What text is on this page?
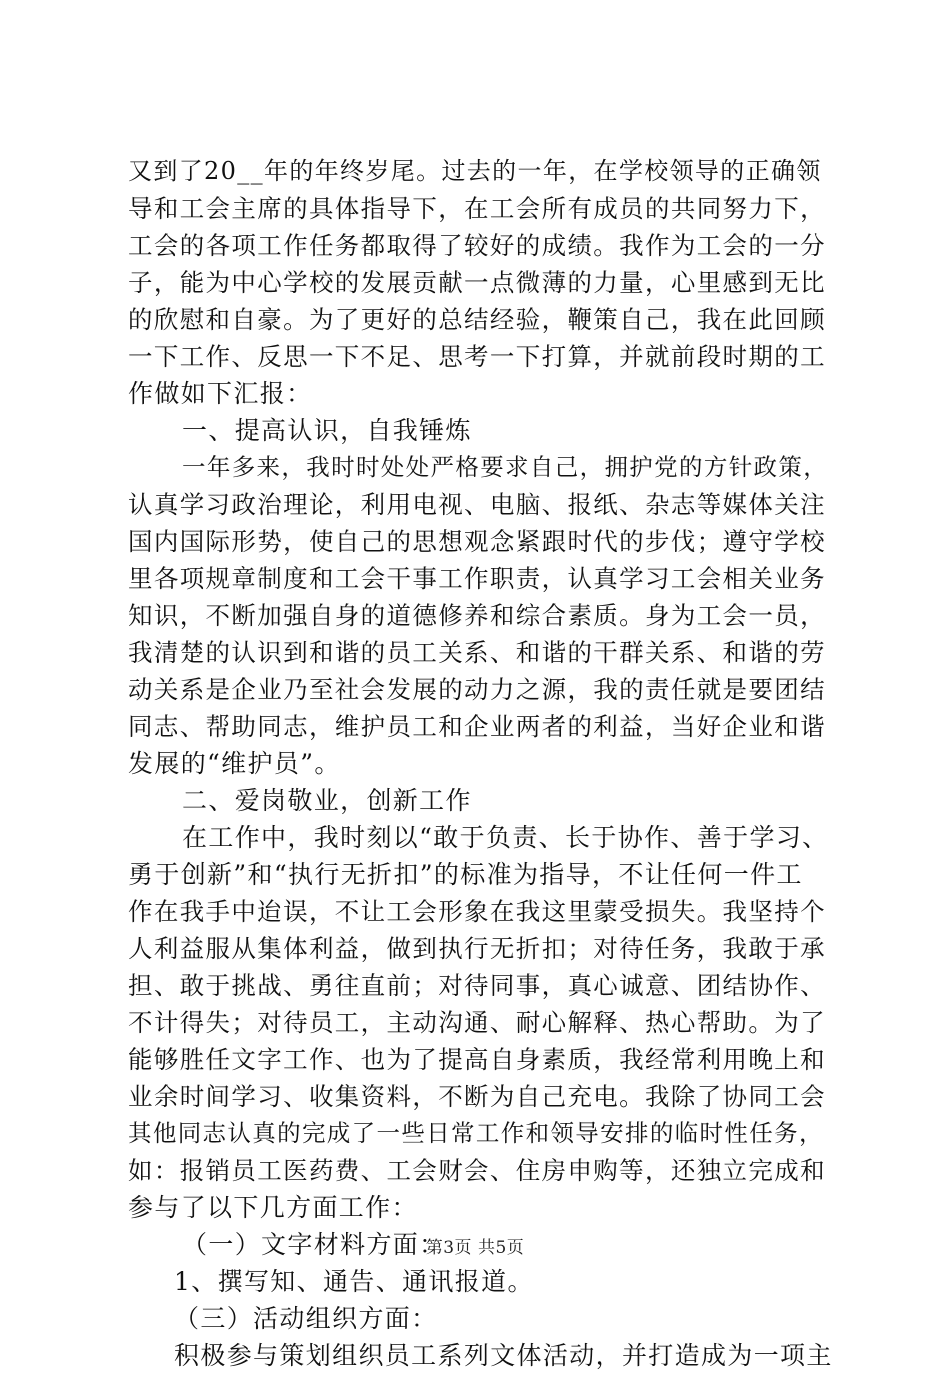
又到了20__年的年终岁尾。过去的一年，在学校领导的正确领
导和工会主席的具体指导下，在工会所有成员的共同努力下，
工会的各项工作任务都取得了较好的成绩。我作为工会的一分
子，能为中心学校的发展贡献一点微薄的力量，心里感到无比
的欣慰和自豪。为了更好的总结经验，鞭策自己，我在此回顾
一下工作、反思一下不足、思考一下打算，并就前段时期的工
作做如下汇报：
一、提高认识，自我锤炼
一年多来，我时时处处严格要求自己，拥护党的方针政策，
认真学习政治理论，利用电视、电脑、报纸、杂志等媒体关注
国内国际形势，使自己的思想观念紧跟时代的步伐；遵守学校
里各项规章制度和工会干事工作职责，认真学习工会相关业务
知识，不断加强自身的道德修养和综合素质。身为工会一员，
我清楚的认识到和谐的员工关系、和谐的干群关系、和谐的劳
动关系是企业乃至社会发展的动力之源，我的责任就是要团结
同志、帮助同志，维护员工和企业两者的利益，当好企业和谐
发展的“维护员”。
二、爱岗敬业，创新工作
在工作中，我时刻以“敢于负责、长于协作、善于学习、
勇于创新”和“执行无折扣”的标准为指导，不让任何一件工
作在我手中迨误，不让工会形象在我这里蒙受损失。我坚持个
人利益服从集体利益，做到执行无折扣；对待任务，我敢于承
担、敢于挑战、勇往直前；对待同事，真心诚意、团结协作、
不计得失；对待员工，主动沟通、耐心解释、热心帮助。为了
能够胜任文字工作、也为了提高自身素质，我经常利用晚上和
业余时间学习、收集资料，不断为自己充电。我除了协同工会
其他同志认真的完成了一些日常工作和领导安排的临时性任务，
如：报销员工医药费、工会财会、住房申购等，还独立完成和
参与了以下几方面工作：
（一）文字材料方面：
1、撰写知、通告、通讯报道。
（三）活动组织方面：
积极参与策划组织员工系列文体活动，并打造成为一项主
第3页 共5页
